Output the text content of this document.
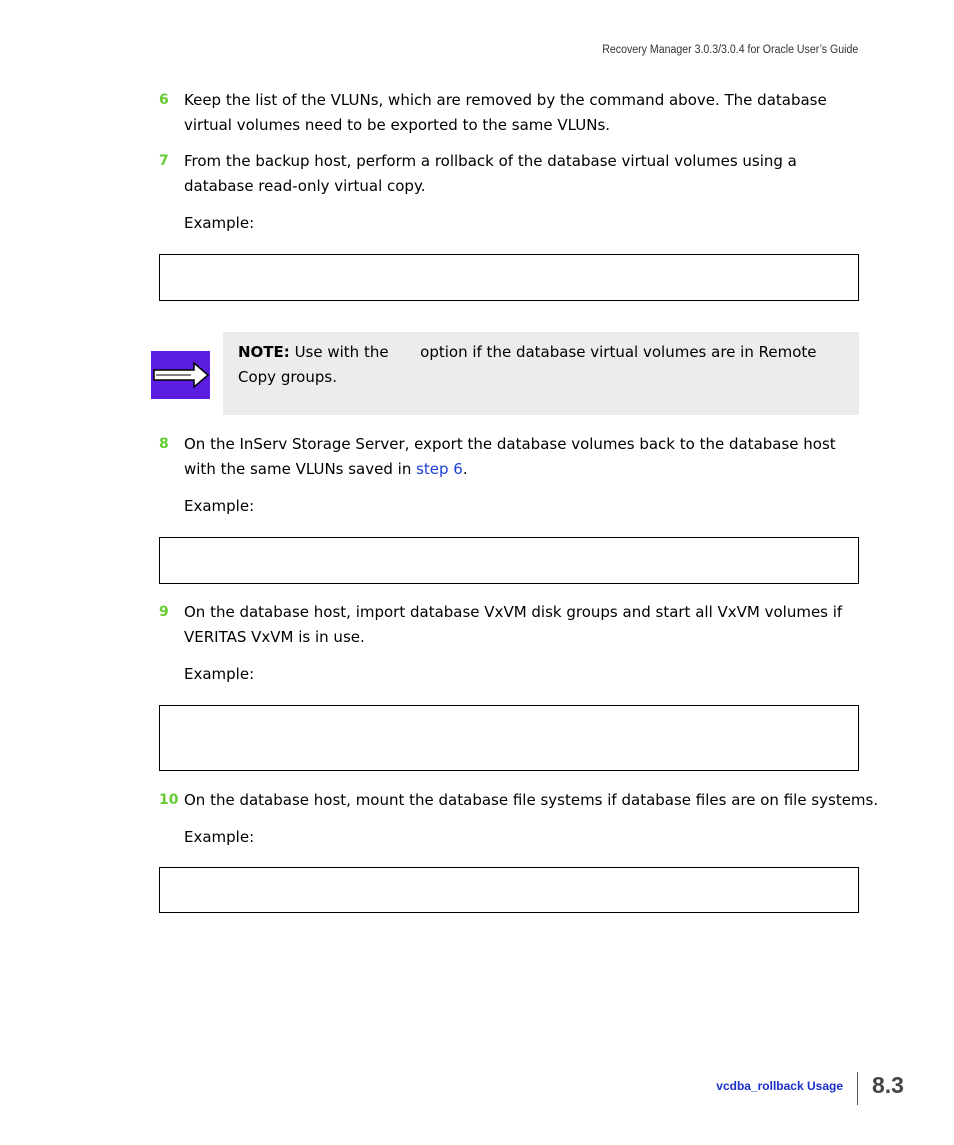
Recovery Manager 3.0.3/3.0.4 for Oracle User’s Guide
6 Keep the list of the VLUNs, which are removed by the command above. The database virtual volumes need to be exported to the same VLUNs.
7 From the backup host, perform a rollback of the database virtual volumes using a database read-only virtual copy.
Example:
NOTE: Use with the option if the database virtual volumes are in Remote Copy groups.
8 On the InServ Storage Server, export the database volumes back to the database host with the same VLUNs saved in step 6.
Example:
9 On the database host, import database VxVM disk groups and start all VxVM volumes if VERITAS VxVM is in use.
Example:
10 On the database host, mount the database file systems if database files are on file systems.
Example:
vcdba_rollback Usage 8.3
